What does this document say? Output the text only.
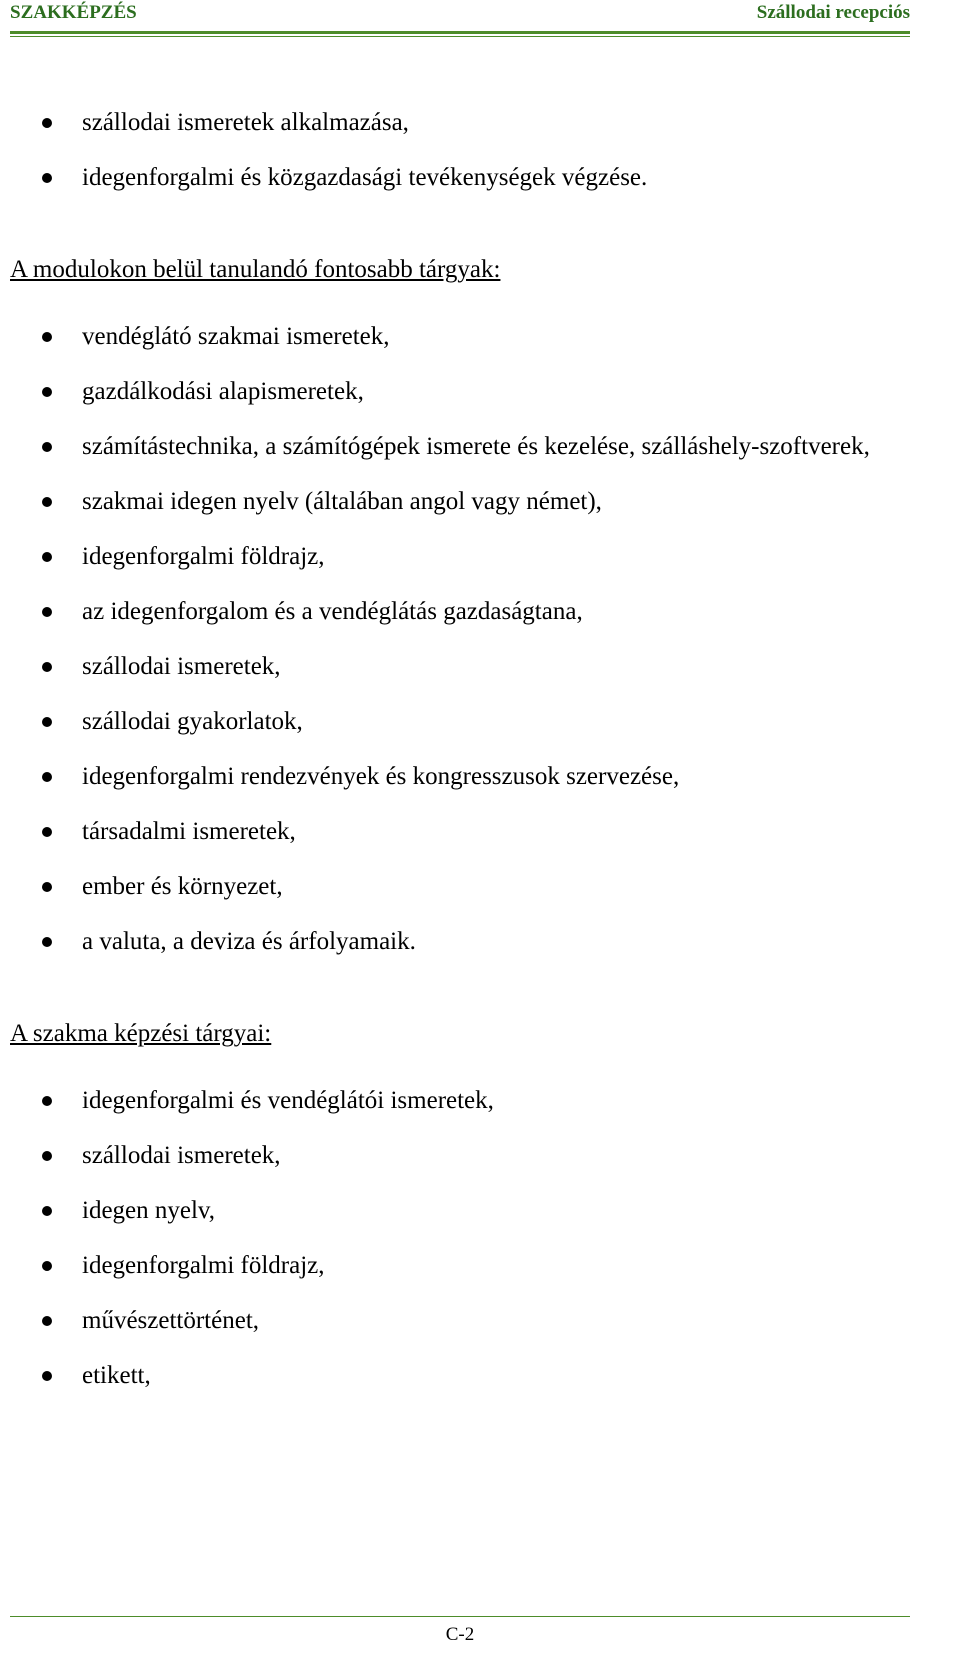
SZAKKÉPZÉS	Szállodai recepciós
szállodai ismeretek alkalmazása,
idegenforgalmi és közgazdasági tevékenységek végzése.

A modulokon belül tanulandó fontosabb tárgyak:

vendéglátó szakmai ismeretek,
gazdálkodási alapismeretek,
számítástechnika, a számítógépek ismerete és kezelése, szálláshely-szoftverek,
szakmai idegen nyelv (általában angol vagy német),
idegenforgalmi földrajz,
az idegenforgalom és a vendéglátás gazdaságtana,
szállodai ismeretek,
szállodai gyakorlatok,
idegenforgalmi rendezvények és kongresszusok szervezése,
társadalmi ismeretek,
ember és környezet,
a valuta, a deviza és árfolyamaik.

A szakma képzési tárgyai:

idegenforgalmi és vendéglátói ismeretek,
szállodai ismeretek,
idegen nyelv,
idegenforgalmi földrajz,
művészettörténet,
etikett,
C-2
